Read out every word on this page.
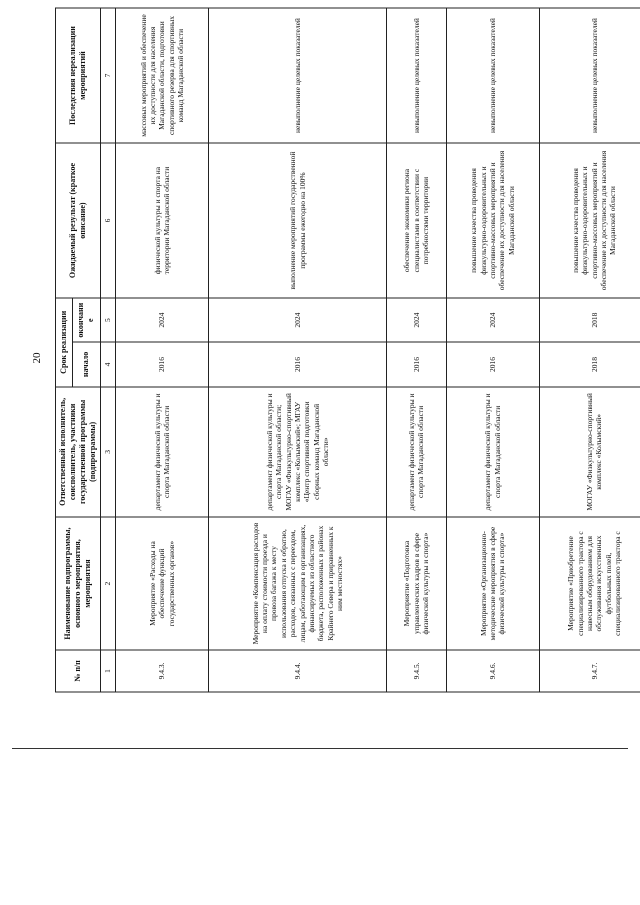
20
№ п/п	Наименование подпрограммы, основного мероприятия, мероприятия	Ответственный исполнитель, соисполнитель, участники государственной программы (подпрограммы)	Срок реализации		Ожидаемый результат (краткое описание)	Последствия нереализации мероприятий
			начало	окончание		
1	2	3	4	5	6	7
9.4.3.	Мероприятие «Расходы на обеспечение функций государственных органов»	департамент физической культуры и спорта Магаданской области	2016	2024	физической культуры и спорта на территории Магаданской области	массовых мероприятий и обеспечение их доступности для населения Магаданской области, подготовки спортивного резерва для спортивных команд Магаданской области
9.4.4.	Мероприятие «Компенсация расходов на оплату стоимости проезда и провоза багажа к месту использования отпуска и обратно, расходов, связанных с переездом, лицам, работающим в организациях, финансируемых из областного бюджета, расположенных в районах Крайнего Севера и приравненных к ним местностях»	департамент физической культуры и спорта Магаданской области; МОГАУ «Физкультурно-спортивный комплекс «Колымский»; МГАУ «Центр спортивной подготовки сборных команд Магаданской области»	2016	2024	выполнение мероприятий государственной программы ежегодно на 100%	невыполнение целевых показателей
9.4.5.	Мероприятие «Подготовка управленческих кадров в сфере физической культуры и спорта»	департамент физической культуры и спорта Магаданской области	2016	2024	обеспечение экономики региона специалистами в соответствии с потребностями территории	невыполнение целевых показателей
9.4.6.	Мероприятие «Организационно-методические мероприятия в сфере физической культуры и спорта»	департамент физической культуры и спорта Магаданской области	2016	2024	повышение качества проведения физкультурно-оздоровительных и спортивно-массовых мероприятий и обеспечение их доступности для населения Магаданской области	невыполнение целевых показателей
9.4.7.	Мероприятие «Приобретение специализированного трактора с навесным оборудованием для обслуживания искусственных футбольных полей, специализированного трактора с	МОГАУ «Физкультурно-спортивный комплекс «Колымский»	2018	2018	повышение качества проведения физкультурно-оздоровительных и спортивно-массовых мероприятий и обеспечение их доступности для населения Магаданской области	невыполнение целевых показателей
